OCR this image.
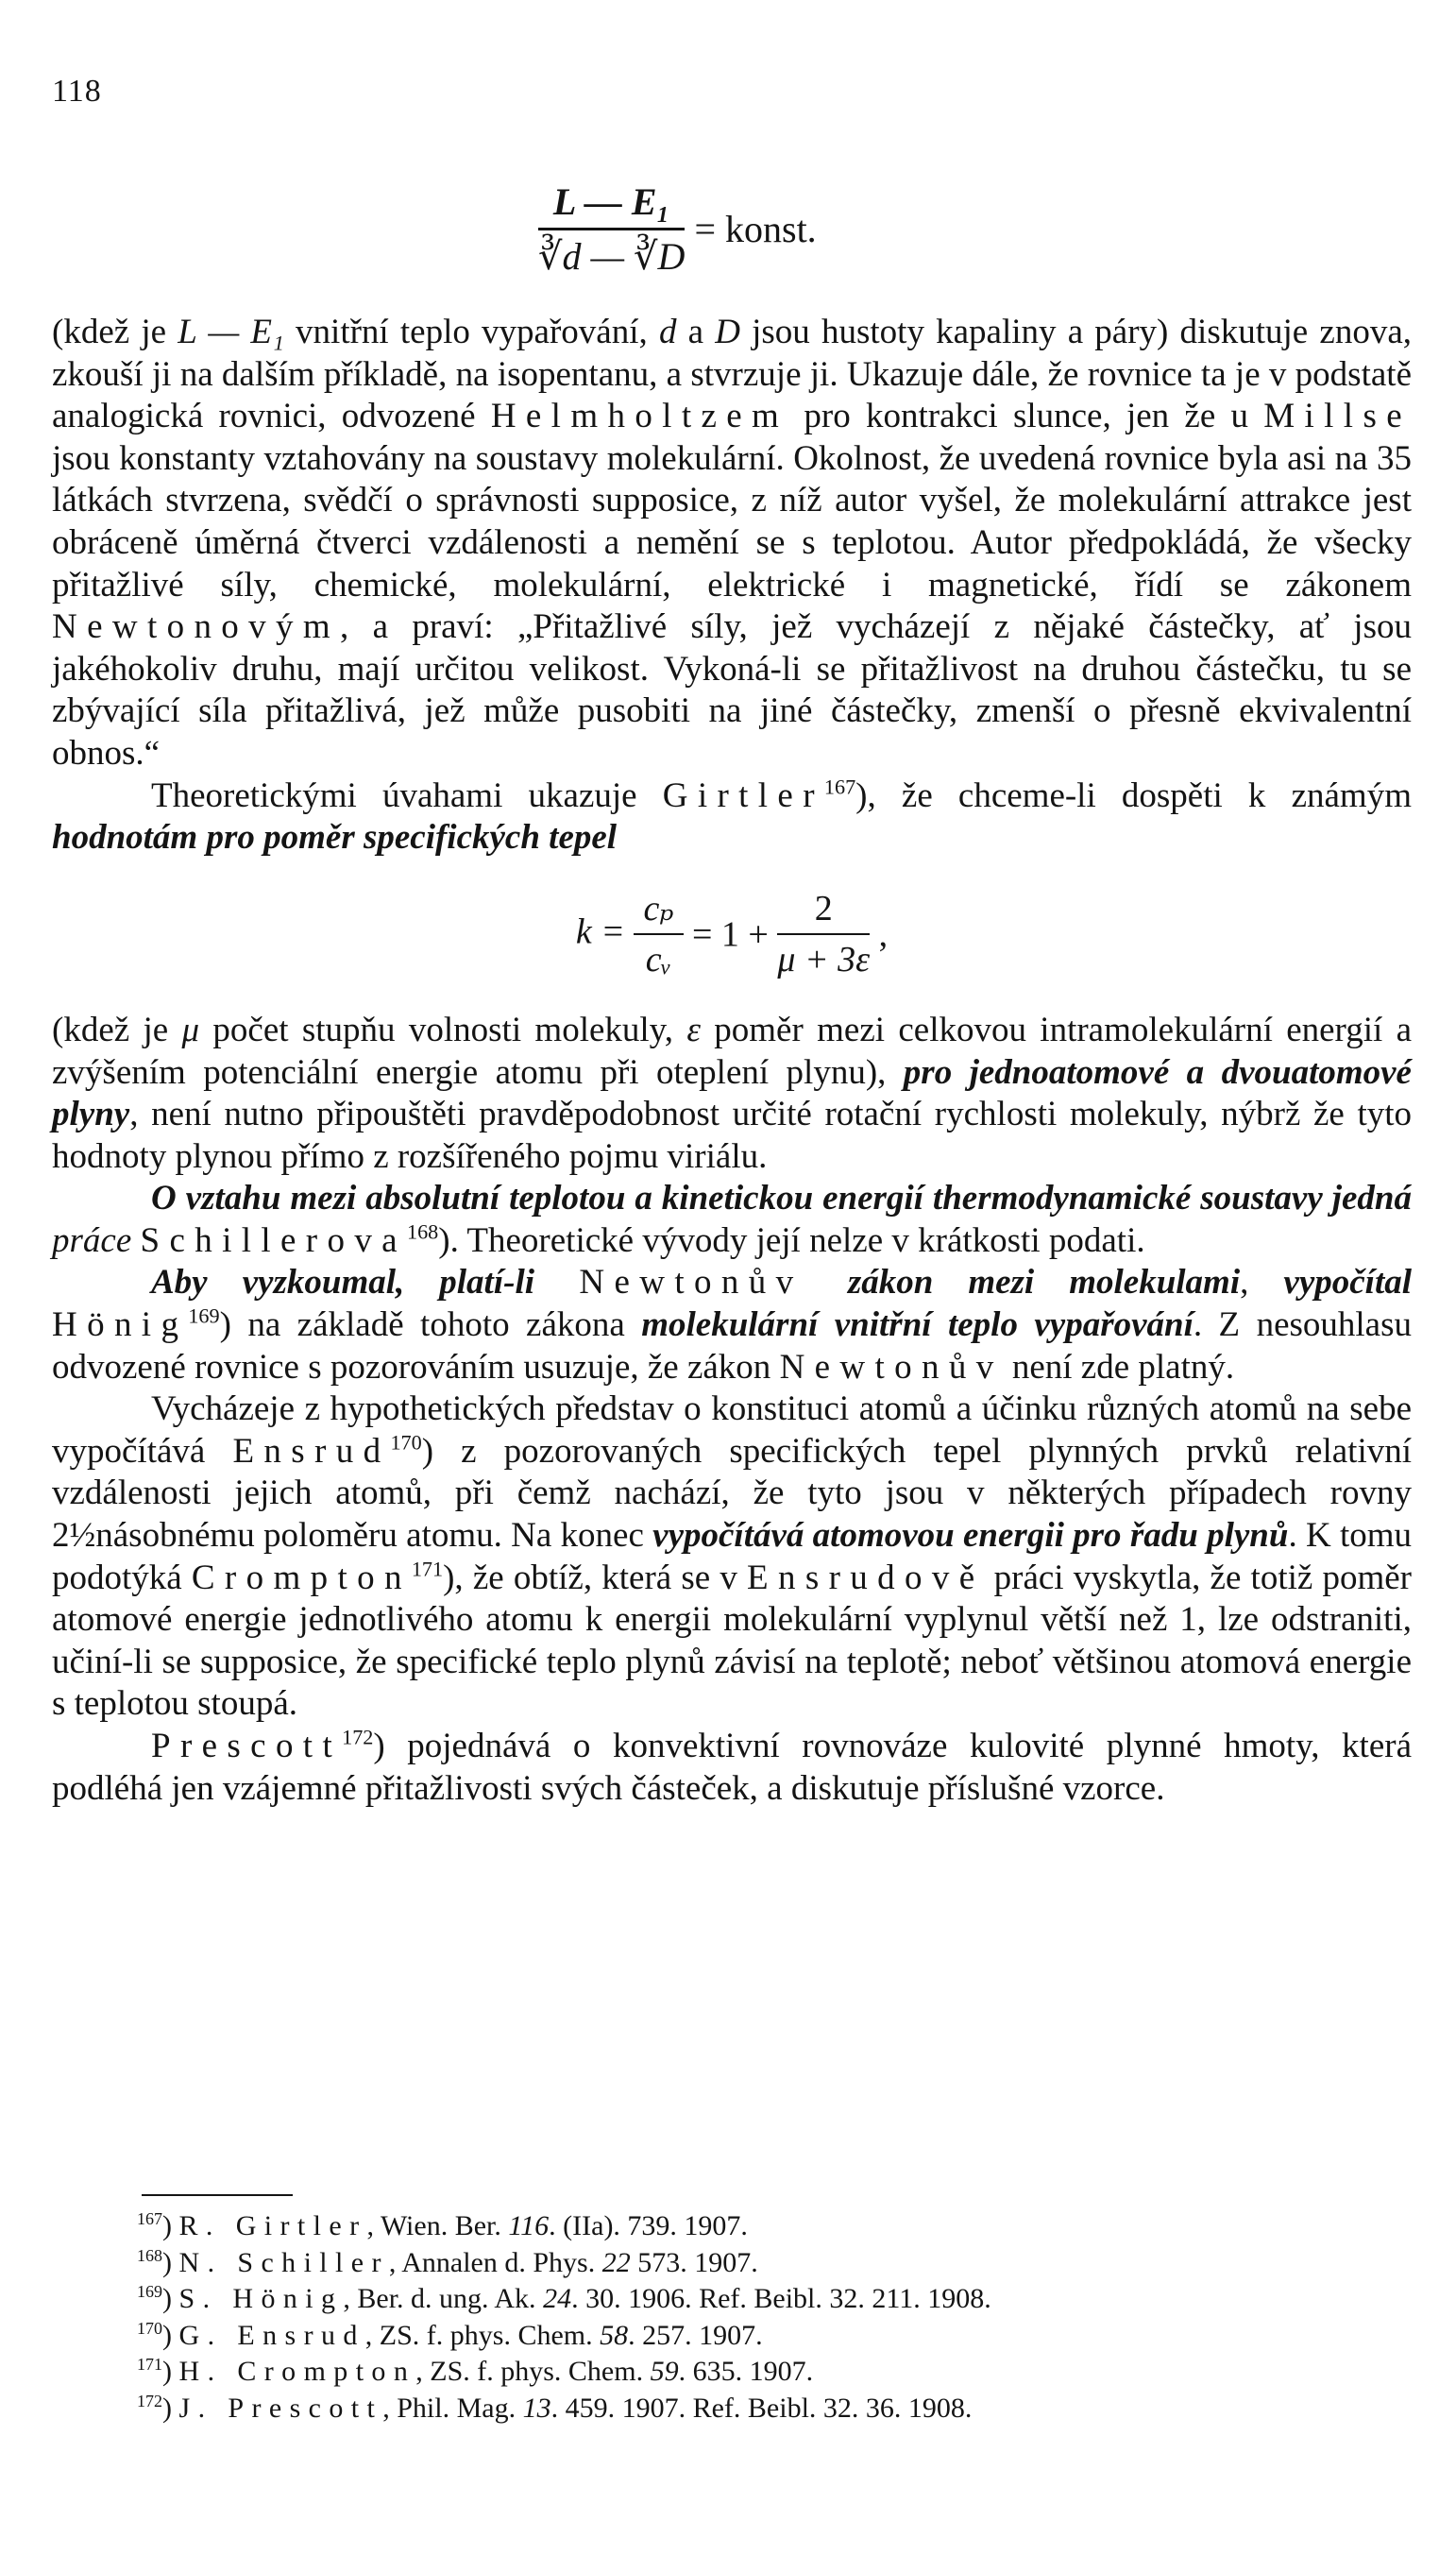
118
$\frac{\text{L — E₁}}{∛d — ∛D}$ = konst.

(kdež je L — E₁ vnitřní teplo vypařování, d a D jsou hustoty kapaliny a páry) diskutuje znova, zkouší ji na dalším příkladě, na isopentanu, a stvrzuje ji. Ukazuje dále, že rovnice ta je v podstatě analogická rovnici, odvozené Helmholtzem pro kontrakci slunce, jen že u Millse jsou konstanty vztahovány na soustavy molekulární. Okolnost, že uvedená rovnice byla asi na 35 látkách stvrzena, svědčí o správnosti supposice, z níž autor vyšel, že molekulární attrakce jest obráceně úměrná čtverci vzdálenosti a nemění se s teplotou. Autor předpokládá, že všecky přitažlivé síly, chemické, molekulární, elektrické i magnetické, řídí se zákonem Newtonovým, a praví: „Přitažlivé síly, jež vycházejí z nějaké částečky, ať jsou jakéhokoliv druhu, mají určitou velikost. Vykoná-li se přitažlivost na druhou částečku, tu se zbývající síla přitažlivá, jež může pusobiti na jiné částečky, zmenší o přesně ekvivalentní obnos.“

Theoretickými úvahami ukazuje Girtler$^{167}$), že chceme-li dospěti k známým hodnotám pro poměr specifických tepel

$k = \frac{\text{cₚ}}{\text{cᵥ}} = 1 + \frac{2}{\mu + 3\varepsilon}$ ,

(kdež je μ počet stupňu volnosti molekuly, ε poměr mezi celkovou intramolekulární energií a zvýšením potenciální energie atomu při oteplení plynu), pro jednoatomové a dvouatomové plyny, není nutno připouštěti pravděpodobnost určité rotační rychlosti molekuly, nýbrž že tyto hodnoty plynou přímo z rozšířeného pojmu viriálu.

O vztahu mezi absolutní teplotou a kinetickou energií thermodynamické soustavy jedná práce Schillerova$^{168}$). Theoretické vývody její nelze v krátkosti podati.

Aby vyzkoumal, platí-li Newtonův zákon mezi molekulami, vypočítal Hönig$^{169}$) na základě tohoto zákona molekulární vnitřní teplo vypařování. Z nesouhlasu odvozené rovnice s pozorováním usuzuje, že zákon Newtonův není zde platný.

Vycházeje z hypothetických představ o konstituci atomů a účinku různých atomů na sebe vypočítává Ensrud$^{170}$) z pozorovaných specifických tepel plynných prvků relativní vzdálenosti jejich atomů, při čemž nachází, že tyto jsou v některých případech rovny 2½násobnému poloměru atomu. Na konec vypočítává atomovou energii pro řadu plynů. K tomu podotýká Crompton$^{171}$), že obtíž, která se v Ensrudově práci vyskytla, že totiž poměr atomové energie jednotlivého atomu k energii molekulární vyplynul větší než 1, lze odstraniti, učiní-li se supposice, že specifické teplo plynů závisí na teplotě; neboť většinou atomová energie s teplotou stoupá.

Prescott$^{172}$) pojednává o konvektivní rovnováze kulovité plynné hmoty, která podléhá jen vzájemné přitažlivosti svých částeček, a diskutuje příslušné vzorce.

$^{167}$) R. Girtler, Wien. Ber. 116. (IIa). 739. 1907.
$^{168}$) N. Schiller, Annalen d. Phys. 22 573. 1907.
$^{169}$) S. Hönig, Ber. d. ung. Ak. 24. 30. 1906. Ref. Beibl. 32. 211. 1908.
$^{170}$) G. Ensrud, ZS. f. phys. Chem. 58. 257. 1907.
$^{171}$) H. Crompton, ZS. f. phys. Chem. 59. 635. 1907.
$^{172}$) J. Prescott, Phil. Mag. 13. 459. 1907. Ref. Beibl. 32. 36. 1908.
